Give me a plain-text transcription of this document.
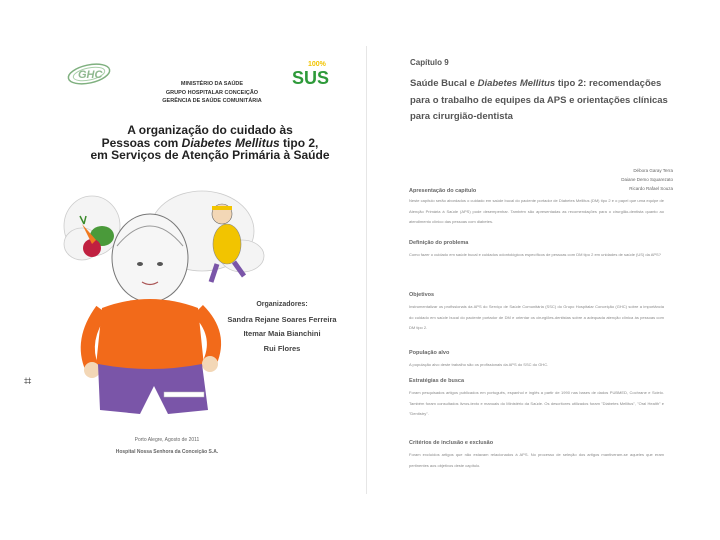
GHC
100%
SUS
MINISTÉRIO DA SAÚDE
GRUPO HOSPITALAR CONCEIÇÃO
GERÊNCIA DE SAÚDE COMUNITÁRIA
A organização do cuidado às
Pessoas com Diabetes Mellitus tipo 2,
em Serviços de Atenção Primária à Saúde
Organizadores:
Sandra Rejane Soares Ferreira
Itemar Maia Bianchini
Rui Flores
Porto Alegre, Agosto de 2011
Hospital Nossa Senhora da Conceição S.A.
⌗
Capítulo 9
Saúde Bucal e Diabetes Mellitus tipo 2: recomendações
para o trabalho de equipes da APS e orientações clínicas
para cirurgião-dentista
Débora Garay Terra
Daiane Demo Squarezato
Ricardo Rafael Souza
Apresentação do capítulo
Neste capítulo serão abordados o cuidado em saúde bucal do paciente portador de Diabetes Mellitus (DM) tipo 2 e o papel que uma equipe de Atenção Primária à Saúde (APS) pode desempenhar. Também são apresentadas as recomendações para o cirurgião-dentista quanto ao atendimento clínico das pessoas com diabetes.
Definição do problema
Como fazer o cuidado em saúde bucal e cuidados odontológicos específicos de pessoas com DM tipo 2 em unidades de saúde (US) da APS?
Objetivos
Instrumentalizar os profissionais da APS do Serviço de Saúde Comunitária (SSC) do Grupo Hospitalar Conceição (GHC) sobre a importância do cuidado em saúde bucal do paciente portador de DM e orientar os cirurgiões-dentistas sobre a adequada atenção clínica às pessoas com DM tipo 2.
População alvo
A população alvo deste trabalho são os profissionais da APS do SSC do GHC.
Estratégias de busca
Foram pesquisados artigos publicados em português, espanhol e inglês a partir de 1990 nas bases de dados PUBMED, Cochrane e Scielo. Também foram consultados livros-texto e manuais do Ministério da Saúde. Os descritores utilizados foram "Diabetes Mellitus", "Oral Health" e "Dentistry".
Critérios de inclusão e exclusão
Foram excluídos artigos que não estavam relacionados à APS. No processo de seleção dos artigos mantiveram-se aqueles que eram pertinentes aos objetivos deste capítulo.
